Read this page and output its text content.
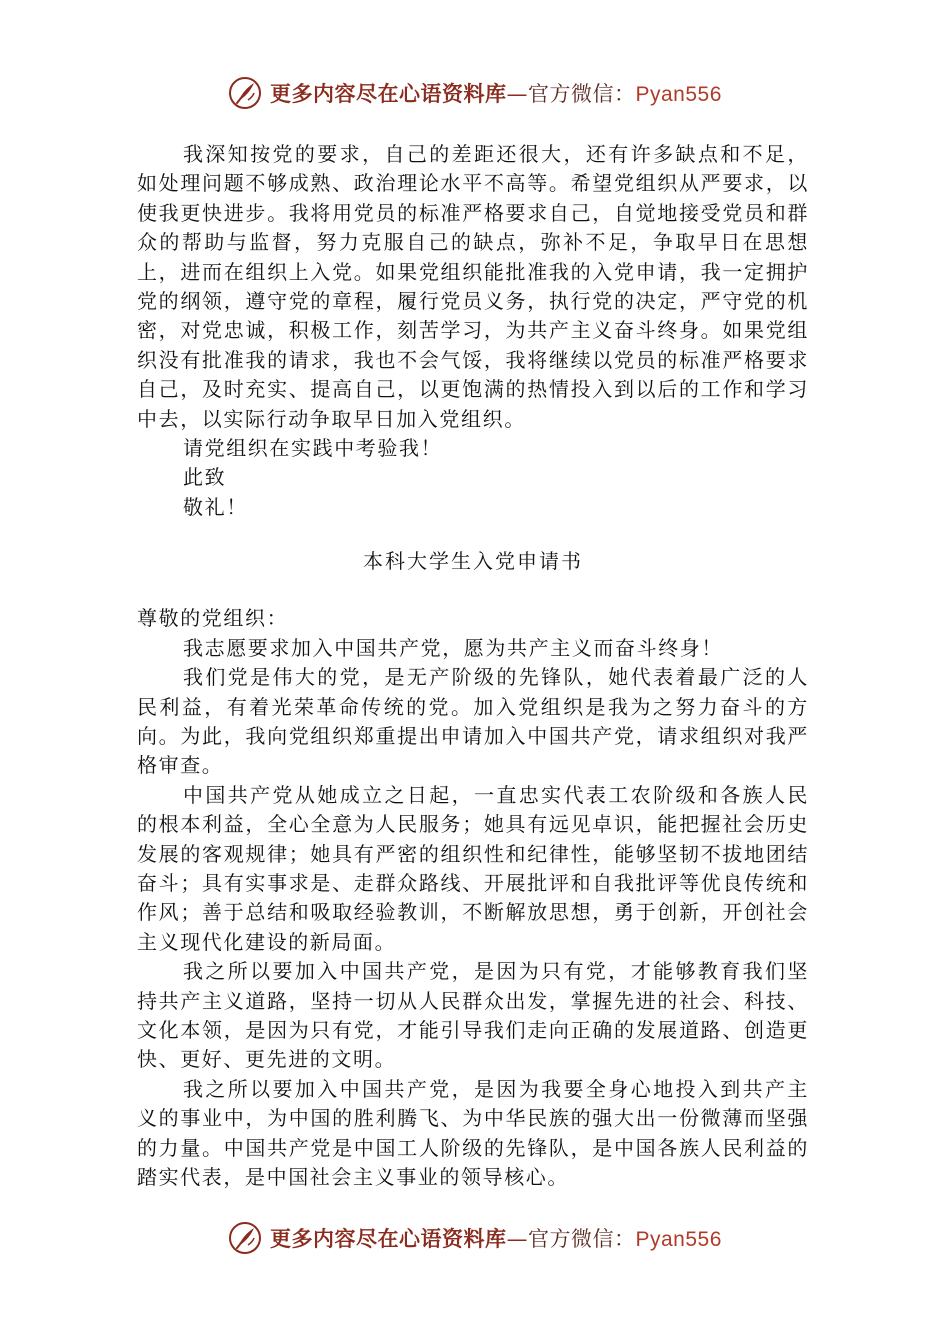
更多内容尽在心语资料库—官方微信：Pyan556

我深知按党的要求，自己的差距还很大，还有许多缺点和不足，如处理问题不够成熟、政治理论水平不高等。希望党组织从严要求，以使我更快进步。我将用党员的标准严格要求自己，自觉地接受党员和群众的帮助与监督，努力克服自己的缺点，弥补不足，争取早日在思想上，进而在组织上入党。如果党组织能批准我的入党申请，我一定拥护党的纲领，遵守党的章程，履行党员义务，执行党的决定，严守党的机密，对党忠诚，积极工作，刻苦学习，为共产主义奋斗终身。如果党组织没有批准我的请求，我也不会气馁，我将继续以党员的标准严格要求自己，及时充实、提高自己，以更饱满的热情投入到以后的工作和学习中去，以实际行动争取早日加入党组织。

请党组织在实践中考验我！

此致

敬礼！

本科大学生入党申请书

尊敬的党组织：

我志愿要求加入中国共产党，愿为共产主义而奋斗终身！

我们党是伟大的党，是无产阶级的先锋队，她代表着最广泛的人民利益，有着光荣革命传统的党。加入党组织是我为之努力奋斗的方向。为此，我向党组织郑重提出申请加入中国共产党，请求组织对我严格审查。

中国共产党从她成立之日起，一直忠实代表工农阶级和各族人民的根本利益，全心全意为人民服务；她具有远见卓识，能把握社会历史发展的客观规律；她具有严密的组织性和纪律性，能够坚韧不拔地团结奋斗；具有实事求是、走群众路线、开展批评和自我批评等优良传统和作风；善于总结和吸取经验教训，不断解放思想，勇于创新，开创社会主义现代化建设的新局面。

我之所以要加入中国共产党，是因为只有党，才能够教育我们坚持共产主义道路，坚持一切从人民群众出发，掌握先进的社会、科技、文化本领，是因为只有党，才能引导我们走向正确的发展道路、创造更快、更好、更先进的文明。

我之所以要加入中国共产党，是因为我要全身心地投入到共产主义的事业中，为中国的胜利腾飞、为中华民族的强大出一份微薄而坚强的力量。中国共产党是中国工人阶级的先锋队，是中国各族人民利益的踏实代表，是中国社会主义事业的领导核心。

更多内容尽在心语资料库—官方微信：Pyan556
